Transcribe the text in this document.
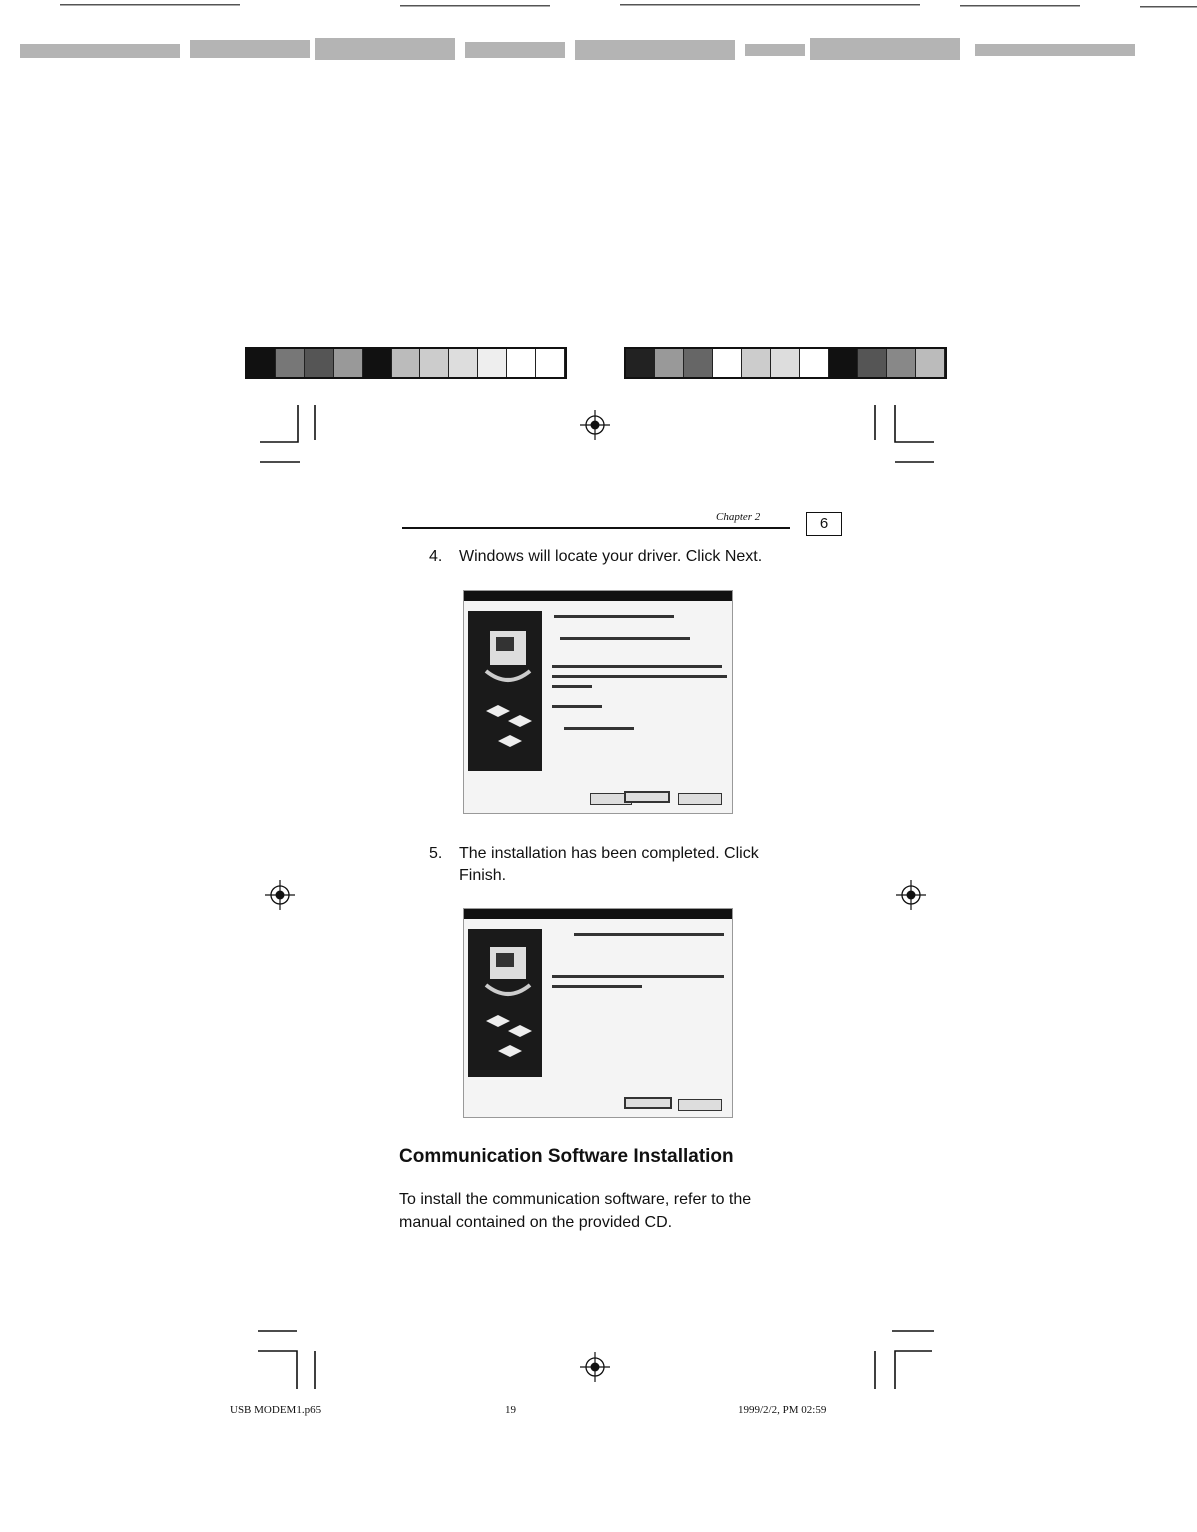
Chapter 2	6
4. Windows will locate your driver. Click Next.
5. The installation has been completed. Click Finish.
Communication Software Installation
To install the communication software, refer to the manual contained on the provided CD.
USB MODEM1.p65	19	1999/2/2, PM 02:59
